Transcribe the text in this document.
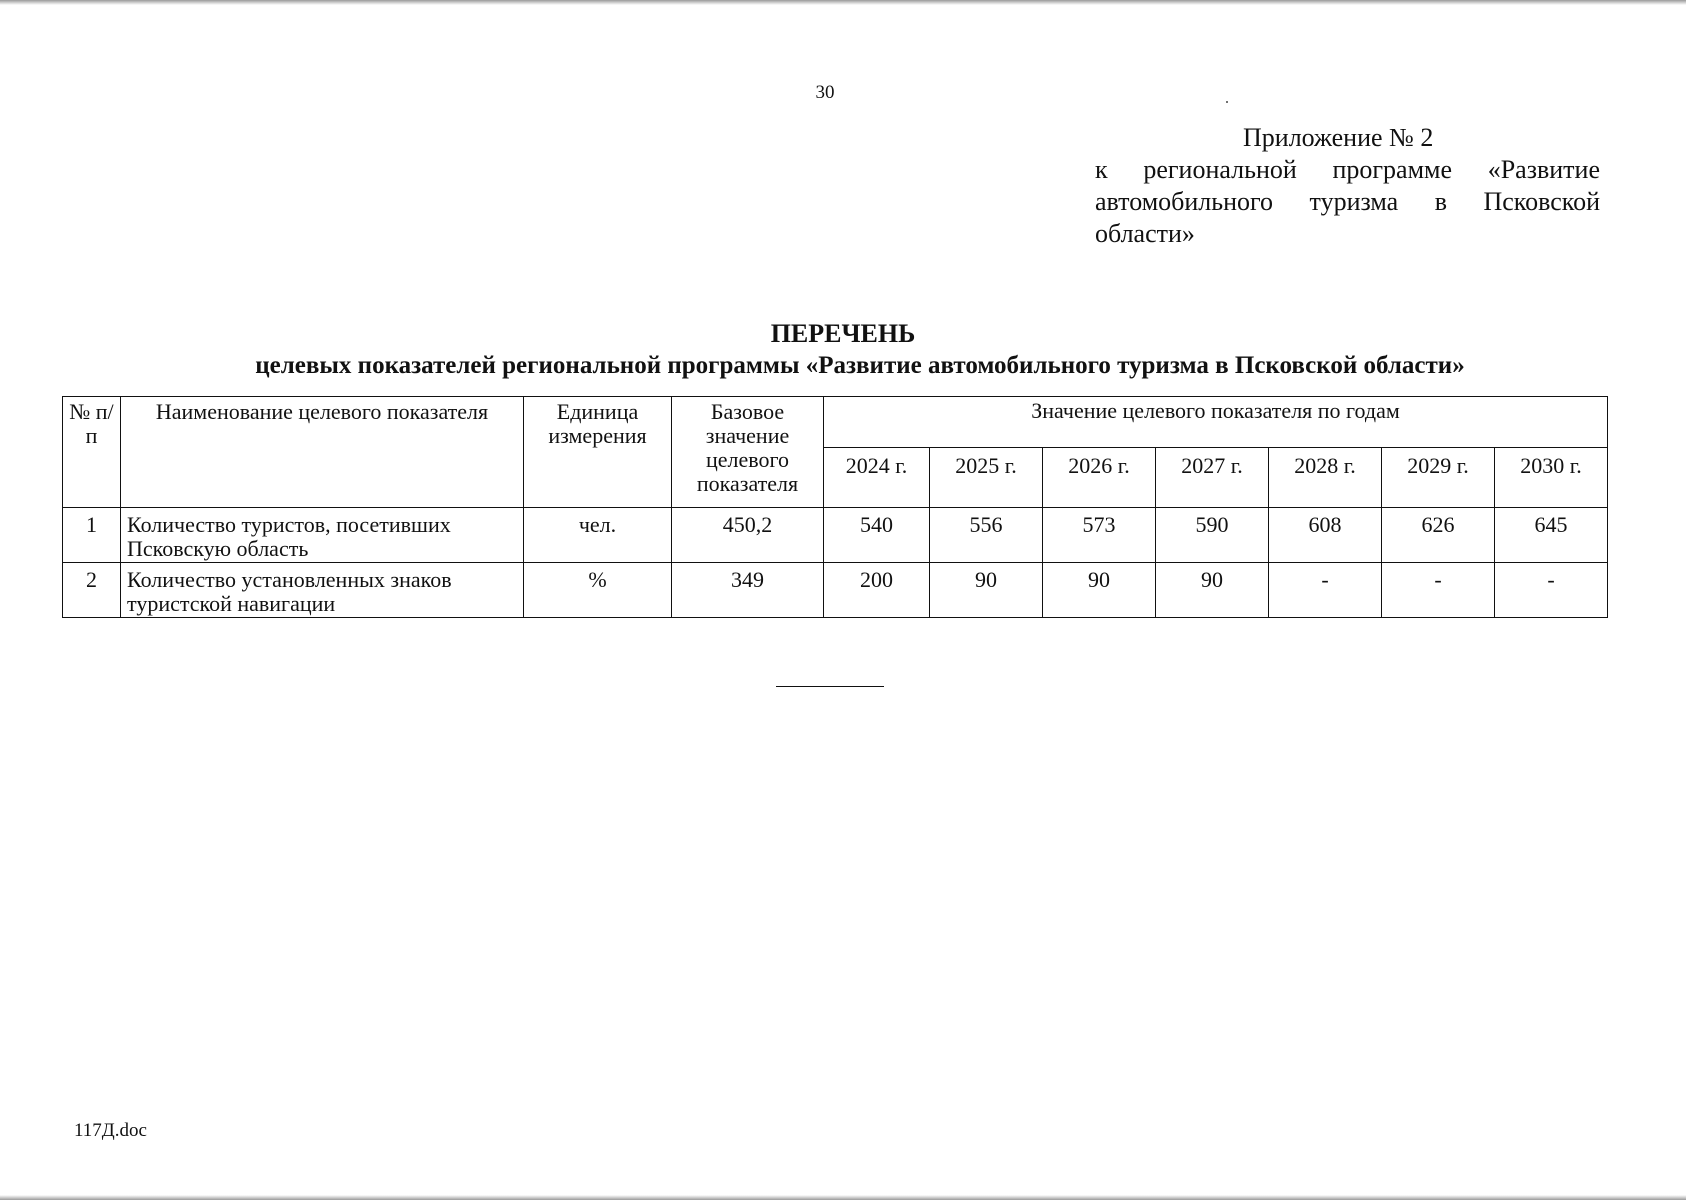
30
Приложение № 2
к региональной программе «Развитие автомобильного туризма в Псковской области»
ПЕРЕЧЕНЬ
целевых показателей региональной программы «Развитие автомобильного туризма в Псковской области»
№ п/п	Наименование целевого показателя	Единица измерения	Базовое значение целевого показателя	Значение целевого показателя по годам						
				2024 г.	2025 г.	2026 г.	2027 г.	2028 г.	2029 г.	2030 г.
1	Количество туристов, посетивших Псковскую область	чел.	450,2	540	556	573	590	608	626	645
2	Количество установленных знаков туристской навигации	%	349	200	90	90	90	-	-	-
117Д.doc
